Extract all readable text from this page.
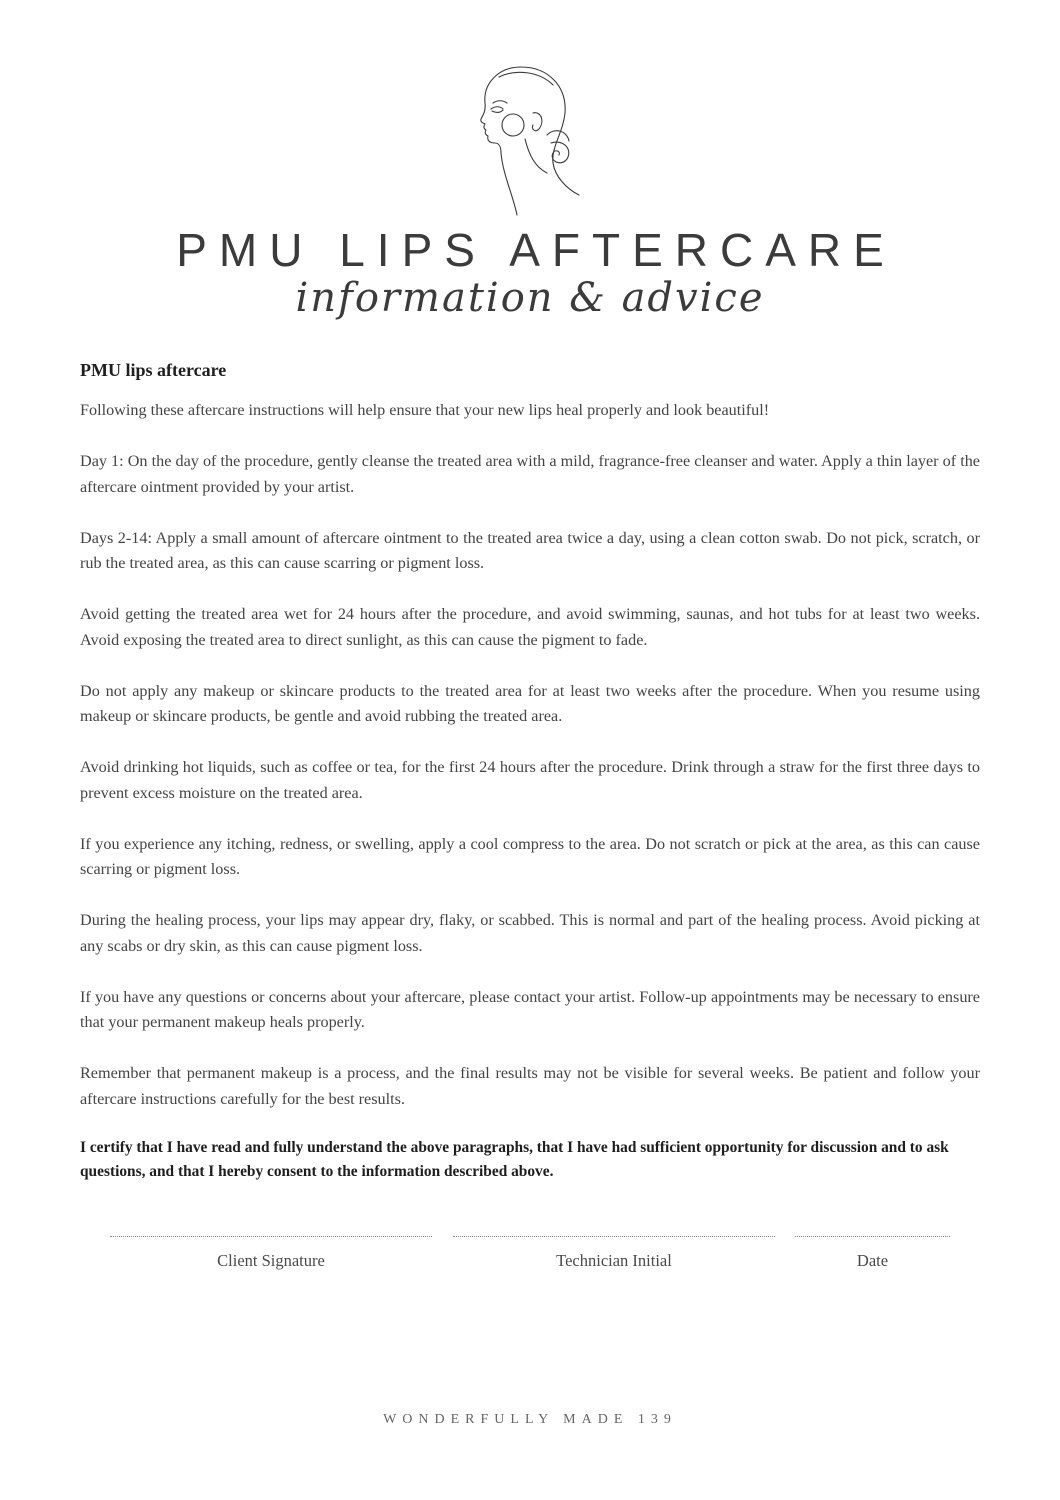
PMU LIPS AFTERCARE
information & advice
PMU lips aftercare

Following these aftercare instructions will help ensure that your new lips heal properly and look beautiful!

Day 1: On the day of the procedure, gently cleanse the treated area with a mild, fragrance-free cleanser and water. Apply a thin layer of the aftercare ointment provided by your artist.

Days 2-14: Apply a small amount of aftercare ointment to the treated area twice a day, using a clean cotton swab. Do not pick, scratch, or rub the treated area, as this can cause scarring or pigment loss.

Avoid getting the treated area wet for 24 hours after the procedure, and avoid swimming, saunas, and hot tubs for at least two weeks. Avoid exposing the treated area to direct sunlight, as this can cause the pigment to fade.

Do not apply any makeup or skincare products to the treated area for at least two weeks after the procedure. When you resume using makeup or skincare products, be gentle and avoid rubbing the treated area.

Avoid drinking hot liquids, such as coffee or tea, for the first 24 hours after the procedure. Drink through a straw for the first three days to prevent excess moisture on the treated area.

If you experience any itching, redness, or swelling, apply a cool compress to the area. Do not scratch or pick at the area, as this can cause scarring or pigment loss.

During the healing process, your lips may appear dry, flaky, or scabbed. This is normal and part of the healing process. Avoid picking at any scabs or dry skin, as this can cause pigment loss.

If you have any questions or concerns about your aftercare, please contact your artist. Follow-up appointments may be necessary to ensure that your permanent makeup heals properly.

Remember that permanent makeup is a process, and the final results may not be visible for several weeks. Be patient and follow your aftercare instructions carefully for the best results.

I certify that I have read and fully understand the above paragraphs, that I have had sufficient opportunity for discussion and to ask questions, and that I hereby consent to the information described above.

Client Signature	Technician Initial	Date
WONDERFULLY MADE 139
